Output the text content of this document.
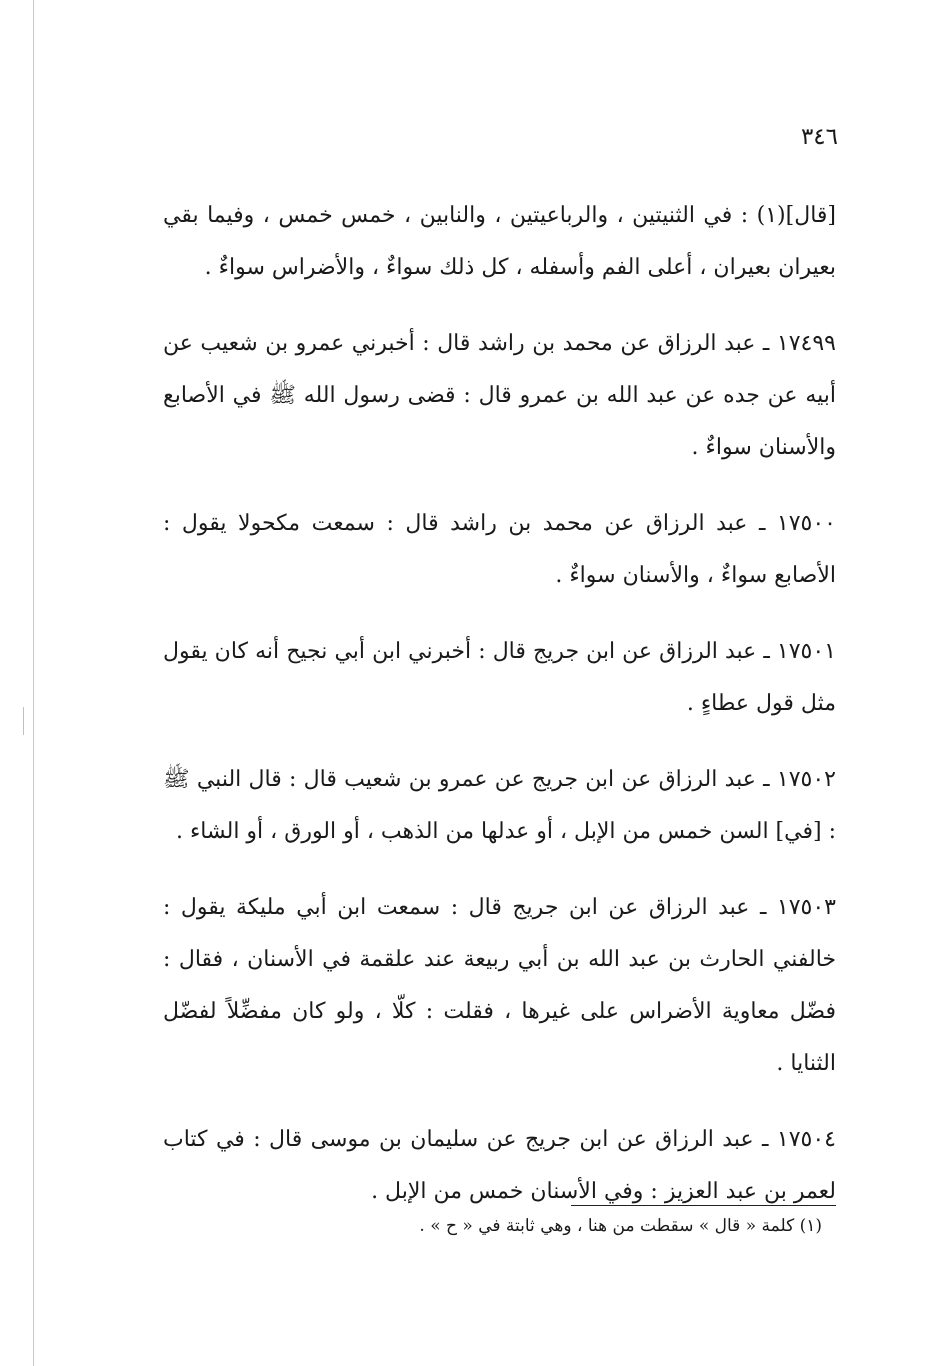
٣٤٦

[قال](١) : في الثنيتين ، والرباعيتين ، والنابين ، خمس خمس ، وفيما بقي بعيران بعيران ، أعلى الفم وأسفله ، كل ذلك سواءٌ ، والأضراس سواءٌ .

١٧٤٩٩ ـ عبد الرزاق عن محمد بن راشد قال : أخبرني عمرو بن شعيب عن أبيه عن جده عن عبد الله بن عمرو قال : قضى رسول الله ﷺ في الأصابع والأسنان سواءٌ .

١٧٥٠٠ ـ عبد الرزاق عن محمد بن راشد قال : سمعت مكحولا يقول : الأصابع سواءٌ ، والأسنان سواءٌ .

١٧٥٠١ ـ عبد الرزاق عن ابن جريج قال : أخبرني ابن أبي نجيح أنه كان يقول مثل قول عطاءٍ .

١٧٥٠٢ ـ عبد الرزاق عن ابن جريج عن عمرو بن شعيب قال : قال النبي ﷺ : [في] السن خمس من الإبل ، أو عدلها من الذهب ، أو الورق ، أو الشاء .

١٧٥٠٣ ـ عبد الرزاق عن ابن جريج قال : سمعت ابن أبي مليكة يقول : خالفني الحارث بن عبد الله بن أبي ربيعة عند علقمة في الأسنان ، فقال : فضّل معاوية الأضراس على غيرها ، فقلت : كلّا ، ولو كان مفضِّلاً لفضّل الثنايا .

١٧٥٠٤ ـ عبد الرزاق عن ابن جريج عن سليمان بن موسى قال : في كتاب لعمر بن عبد العزيز : وفي الأسنان خمس من الإبل .

(١) كلمة « قال » سقطت من هنا ، وهي ثابتة في « ح » .
